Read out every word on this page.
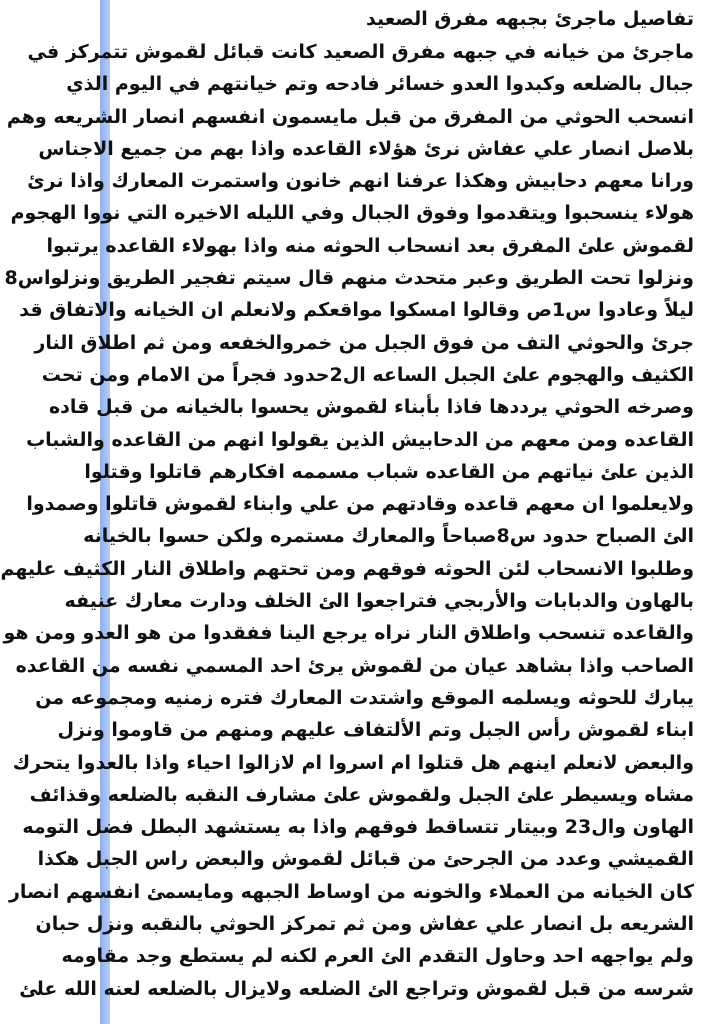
تفاصيل ماجرئ بجبهه مفرق الصعيد
ماجرئ من خيانه في جبهه مفرق الصعيد كانت قبائل لقموش تتمركز في
جبال بالضلعه وكبدوا العدو خسائر فادحه وتم خيانتهم في اليوم الذي
انسحب الحوثي من المفرق من قبل مايسمون انفسهم انصار الشريعه وهم
بلاصل انصار علي عفاش نرئ هؤلاء القاعده واذا بهم من جميع الاجناس
ورانا معهم دحابيش وهكذا عرفنا انهم خانون واستمرت المعارك واذا نرئ
هولاء ينسحبوا ويتقدموا وفوق الجبال وفي الليله الاخيره التي نووا الهجوم
لقموش علئ المفرق بعد انسحاب الحوثه منه واذا بهولاء القاعده يرتبوا
ونزلوا تحت الطريق وعبر متحدث منهم قال سيتم تفجير الطريق ونزلواس8
ليلاً وعادوا س1ص وقالوا امسكوا مواقعكم ولانعلم ان الخيانه والاتفاق قد
جرئ والحوثي التف من فوق الجبل من خمروالخفعه ومن ثم اطلاق النار
الكثيف والهجوم علئ الجبل الساعه ال2حدود فجراً من الامام ومن تحت
وصرخه الحوثي يرددها فاذا بأبناء لقموش يحسوا بالخيانه من قبل قاده
القاعده ومن معهم من الدحابيش الذين يقولوا انهم من القاعده والشباب
الذين علئ نياتهم من القاعده شباب مسممه افكارهم قاتلوا وقتلوا
ولايعلموا ان معهم قاعده وقادتهم من علي وابناء لقموش قاتلوا وصمدوا
الئ الصباح حدود س8صباحاً والمعارك مستمره ولكن حسوا بالخيانه
وطلبوا الانسحاب لئن الحوثه فوقهم ومن تحتهم واطلاق النار الكثيف عليهم
بالهاون والدبابات والأربجي فتراجعوا الئ الخلف ودارت معارك عنيفه
والقاعده تنسحب واطلاق النار نراه يرجع الينا ففقدوا من هو العدو ومن هو
الصاحب واذا بشاهد عيان من لقموش يرئ احد المسمي نفسه من القاعده
يبارك للحوثه ويسلمه الموقع واشتدت المعارك فتره زمنيه ومجموعه من
ابناء لقموش رأس الجبل وتم الألتفاف عليهم ومنهم من قاوموا ونزل
والبعض لانعلم اينهم هل قتلوا ام اسروا ام لازالوا احياء واذا بالعدوا يتحرك
مشاه ويسيطر علئ الجبل ولقموش علئ مشارف النقبه بالضلعه وقذائف
الهاون وال23 وبيتار تتساقط فوقهم واذا به يستشهد البطل فضل التومه
القميشي وعدد من الجرحئ من قبائل لقموش والبعض راس الجبل هكذا
كان الخيانه من العملاء والخونه من اوساط الجبهه ومايسمئ انفسهم انصار
الشريعه بل انصار علي عفاش ومن ثم تمركز الحوثي بالنقبه ونزل حبان
ولم يواجهه احد وحاول التقدم الئ العرم لكنه لم يستطع وجد مقاومه
شرسه من قبل لقموش وتراجع الئ الضلعه ولايزال بالضلعه لعنه الله علئ
